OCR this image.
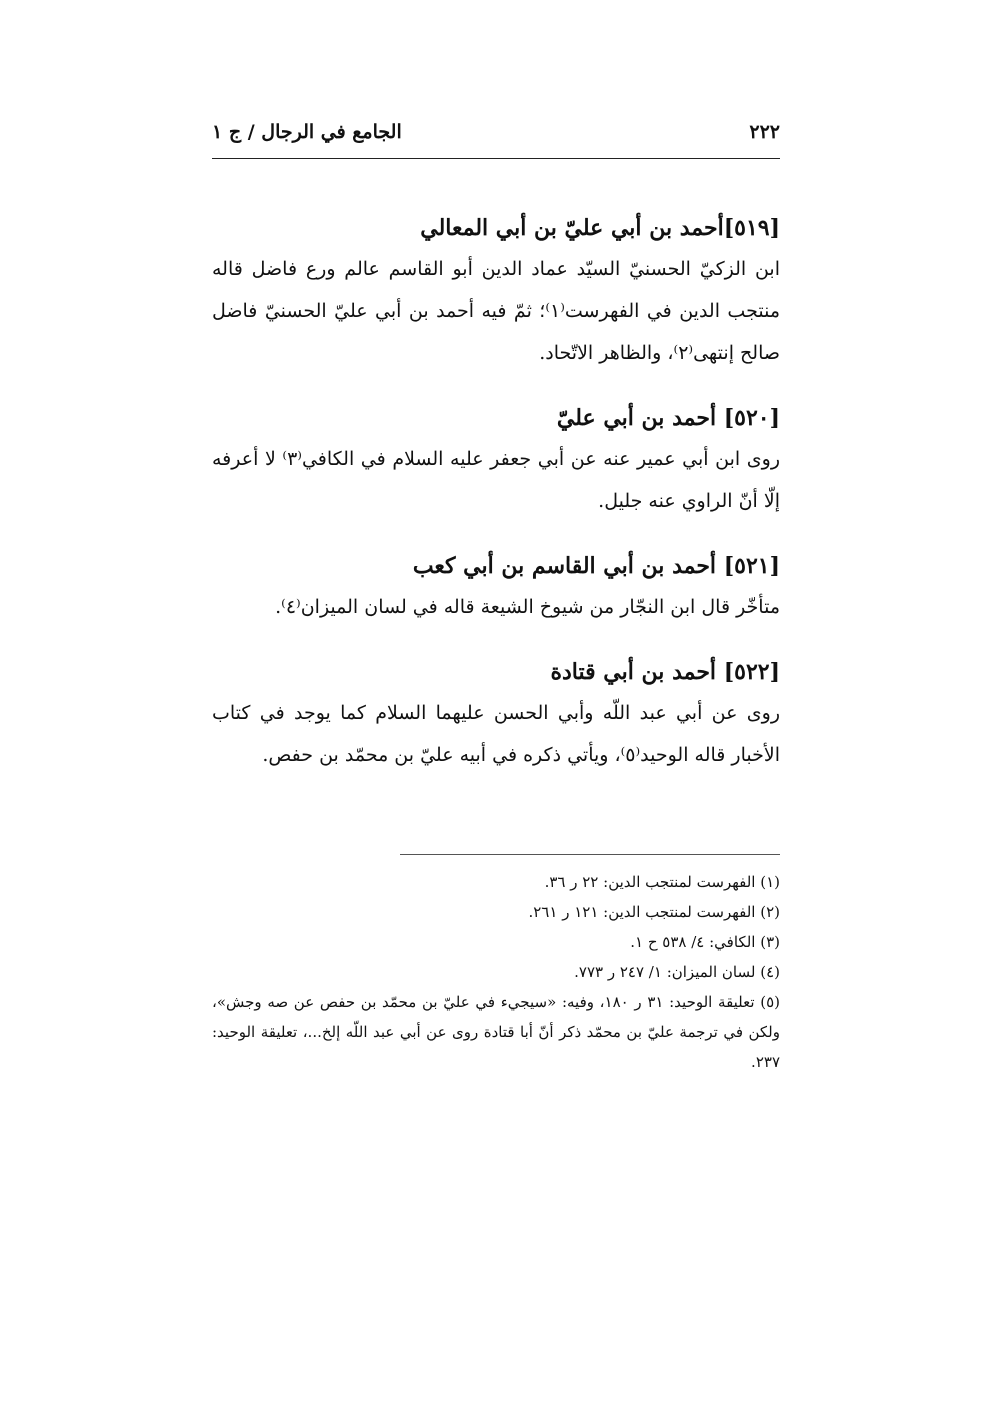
٢٢٢
الجامع في الرجال / ج ١
[٥١٩]أحمد بن أبي عليّ بن أبي المعالي

ابن الزكيّ الحسنيّ السيّد عماد الدين أبو القاسم عالم ورع فاضل قاله منتجب الدين في الفهرست⁽١⁾؛ ثمّ فيه أحمد بن أبي عليّ الحسنيّ فاضل صالح إنتهى⁽٢⁾، والظاهر الاتّحاد.

[٥٢٠] أحمد بن أبي عليّ

روى ابن أبي عمير عنه عن أبي جعفر عليه السلام في الكافي⁽٣⁾ لا أعرفه إلّا أنّ الراوي عنه جليل.

[٥٢١] أحمد بن أبي القاسم بن أبي كعب

متأخّر قال ابن النجّار من شيوخ الشيعة قاله في لسان الميزان⁽٤⁾.

[٥٢٢] أحمد بن أبي قتادة

روى عن أبي عبد اللّه وأبي الحسن عليهما السلام كما يوجد في كتاب الأخبار قاله الوحيد⁽٥⁾، ويأتي ذكره في أبيه عليّ بن محمّد بن حفص.

(١) الفهرست لمنتجب الدين: ٢٢ ر ٣٦.

(٢) الفهرست لمنتجب الدين: ١٢١ ر ٢٦١.

(٣) الكافي: ٤/ ٥٣٨ ح ١.

(٤) لسان الميزان: ١/ ٢٤٧ ر ٧٧٣.

(٥) تعليقة الوحيد: ٣١ ر ١٨٠، وفيه: «سيجيء في عليّ بن محمّد بن حفص عن صه وجش»، ولكن في ترجمة عليّ بن محمّد ذكر أنّ أبا قتادة روى عن أبي عبد اللّه إلخ...، تعليقة الوحيد: ٢٣٧.
